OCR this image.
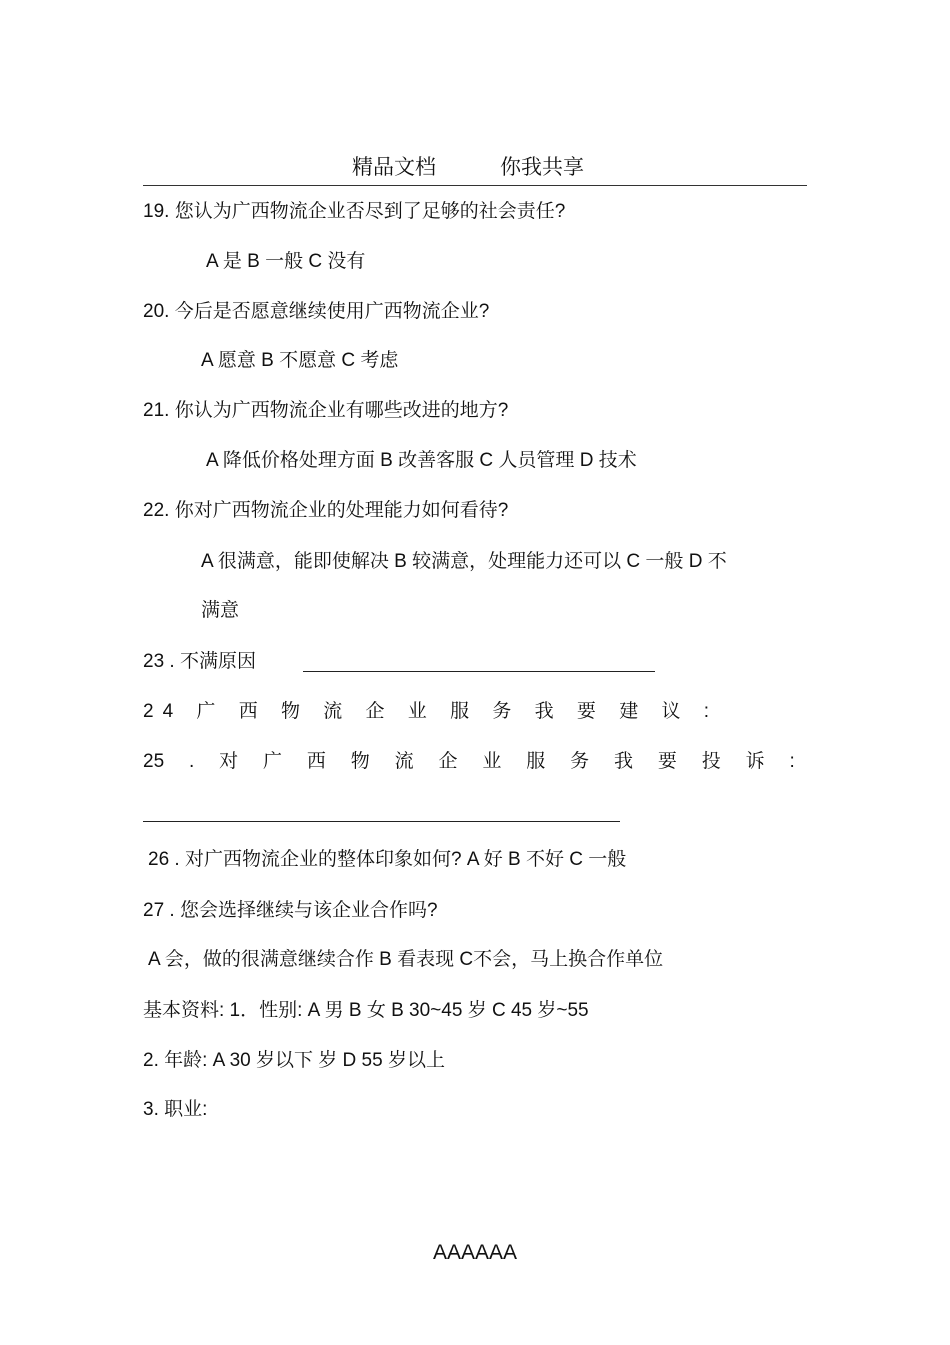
精品文档	你我共享
19. 您认为广西物流企业否尽到了足够的社会责任?
A 是 B 一般 C 没有
20. 今后是否愿意继续使用广西物流企业?
A 愿意 B 不愿意 C 考虑
21. 你认为广西物流企业有哪些改进的地方?
A 降低价格处理方面 B 改善客服 C 人员管理 D 技术
22. 你对广西物流企业的处理能力如何看待?
A 很满意，能即使解决 B 较满意，处理能力还可以 C 一般 D 不
满意
23 . 不满原因
24 广 西 物 流 企 业 服 务 我 要 建 议 :
25 . 对 广 西 物 流 企 业 服 务 我 要 投 诉 :
26 . 对广西物流企业的整体印象如何? A 好 B 不好 C 一般
27 . 您会选择继续与该企业合作吗?
A 会，做的很满意继续合作 B 看表现 C不会，马上换合作单位
基本资料: 1．性别: A 男 B 女 B 30~45 岁 C 45 岁~55
2. 年龄: A 30 岁以下 岁 D 55 岁以上
3. 职业:
AAAAAA
